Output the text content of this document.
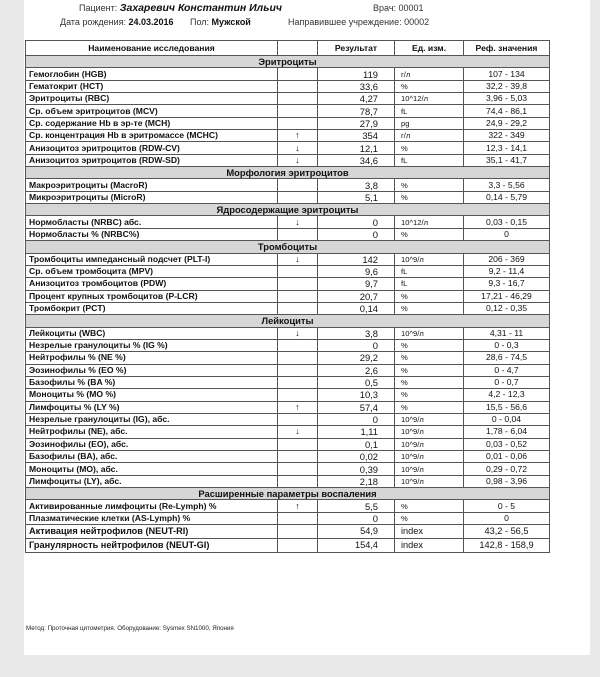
Пациент: Захаревич Константин Ильич	Врач: 00001
Дата рождения: 24.03.2016 Пол: Мужской	Направившее учреждение: 00002
Наименование исследования		Результат	Ед. изм.	Реф. значения
Эритроциты				
Гемоглобин (HGB)		119	г/л	107 - 134
Гематокрит (HCT)		33,6	%	32,2 - 39,8
Эритроциты (RBC)		4,27	10^12/л	3,96 - 5,03
Ср. объем эритроцитов (MCV)		78,7	fL	74,4 - 86,1
Ср. содержание Hb в эр-те (MCH)		27,9	pg	24,9 - 29,2
Ср. концентрация Hb в эритромассе (MCHC)	↑	354	г/л	322 - 349
Анизоцитоз эритроцитов (RDW-CV)	↓	12,1	%	12,3 - 14,1
Анизоцитоз эритроцитов (RDW-SD)	↓	34,6	fL	35,1 - 41,7
Морфология эритроцитов				
Макроэритроциты (MacroR)		3,8	%	3,3 - 5,56
Микроэритроциты (MicroR)		5,1	%	0,14 - 5,79
Ядросодержащие эритроциты				
Нормобласты (NRBC) абс.	↓	0	10^12/л	0,03 - 0,15
Нормобласты % (NRBC%)		0	%	0
Тромбоциты				
Тромбоциты импедансный подсчет (PLT-I)	↓	142	10^9/л	206 - 369
Ср. объем тромбоцита (MPV)		9,6	fL	9,2 - 11,4
Анизоцитоз тромбоцитов (PDW)		9,7	fL	9,3 - 16,7
Процент крупных тромбоцитов (P-LCR)		20,7	%	17,21 - 46,29
Тромбокрит (PCT)		0,14	%	0,12 - 0,35
Лейкоциты				
Лейкоциты (WBC)	↓	3,8	10^9/л	4,31 - 11
Незрелые гранулоциты % (IG %)		0	%	0 - 0,3
Нейтрофилы % (NE %)		29,2	%	28,6 - 74,5
Эозинофилы % (EO %)		2,6	%	0 - 4,7
Базофилы % (BA %)		0,5	%	0 - 0,7
Моноциты % (MO %)		10,3	%	4,2 - 12,3
Лимфоциты % (LY %)	↑	57,4	%	15,5 - 56,6
Незрелые гранулоциты (IG), абс.		0	10^9/л	0 - 0,04
Нейтрофилы (NE), абс.	↓	1,11	10^9/л	1,78 - 6,04
Эозинофилы (EO), абс.		0,1	10^9/л	0,03 - 0,52
Базофилы (BA), абс.		0,02	10^9/л	0,01 - 0,06
Моноциты (MO), абс.		0,39	10^9/л	0,29 - 0,72
Лимфоциты (LY), абс.		2,18	10^9/л	0,98 - 3,96
Расширенные параметры воспаления				
Активированные лимфоциты (Re-Lymph) %	↑	5,5	%	0 - 5
Плазматические клетки (AS-Lymph) %		0	%	0
Активация нейтрофилов (NEUT-RI)		54,9	index	43,2 - 56,5
Гранулярность нейтрофилов (NEUT-GI)		154,4	index	142,8 - 158,9
Метод: Проточная цитометрия. Оборудование: Sysmex SN1000, Япония
